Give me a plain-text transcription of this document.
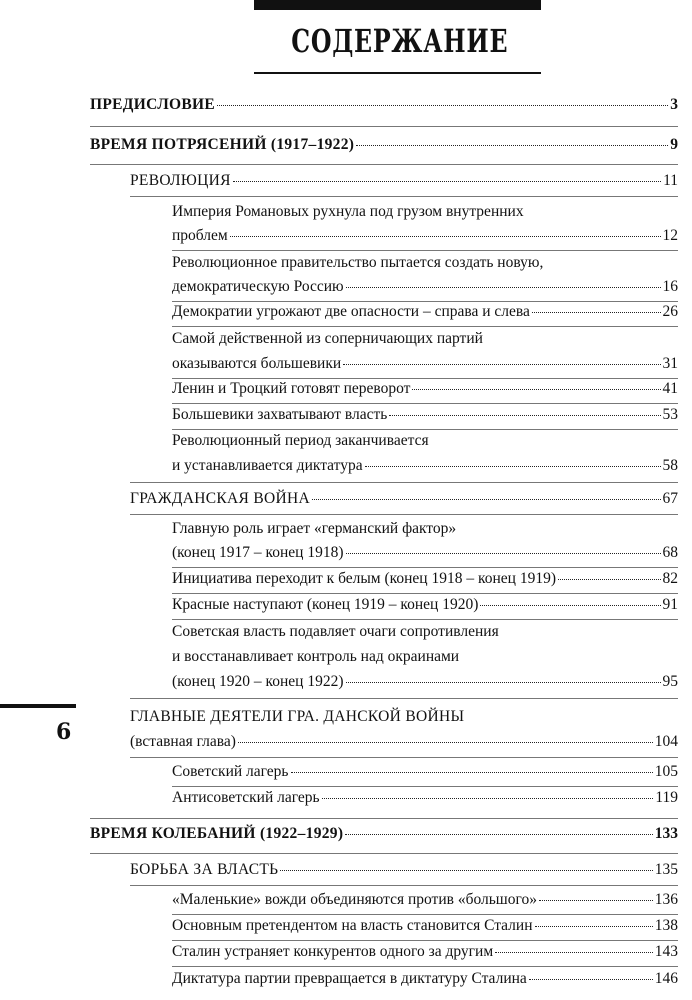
СОДЕРЖАНИЕ
ПРЕДИСЛОВИЕ	3
ВРЕМЯ ПОТРЯСЕНИЙ (1917–1922)	9
РЕВОЛЮЦИЯ	11
Империя Романовых рухнула под грузом внутренних
проблем	12
Революционное правительство пытается создать новую,
демократическую Россию	16
Демократии угрожают две опасности – справа и слева	26
Самой действенной из соперничающих партий
оказываются большевики	31
Ленин и Троцкий готовят переворот	41
Большевики захватывают власть	53
Революционный период заканчивается
и устанавливается диктатура	58
ГРАЖДАНСКАЯ ВОЙНА	67
Главную роль играет «германский фактор»
(конец 1917 – конец 1918)	68
Инициатива переходит к белым (конец 1918 – конец 1919)	82
Красные наступают (конец 1919 – конец 1920)	91
Советская власть подавляет очаги сопротивления
и восстанавливает контроль над окраинами
(конец 1920 – конец 1922)	95
6
ГЛАВНЫЕ ДЕЯТЕЛИ ГРА. ДАНСКОЙ ВОЙНЫ
(вставная глава)	104
Советский лагерь	105
Антисоветский лагерь	119
ВРЕМЯ КОЛЕБАНИЙ (1922–1929)	133
БОРЬБА ЗА ВЛАСТЬ	135
«Маленькие» вожди объединяются против «большого»	136
Основным претендентом на власть становится Сталин	138
Сталин устраняет конкурентов одного за другим	143
Диктатура партии превращается в диктатуру Сталина	146
